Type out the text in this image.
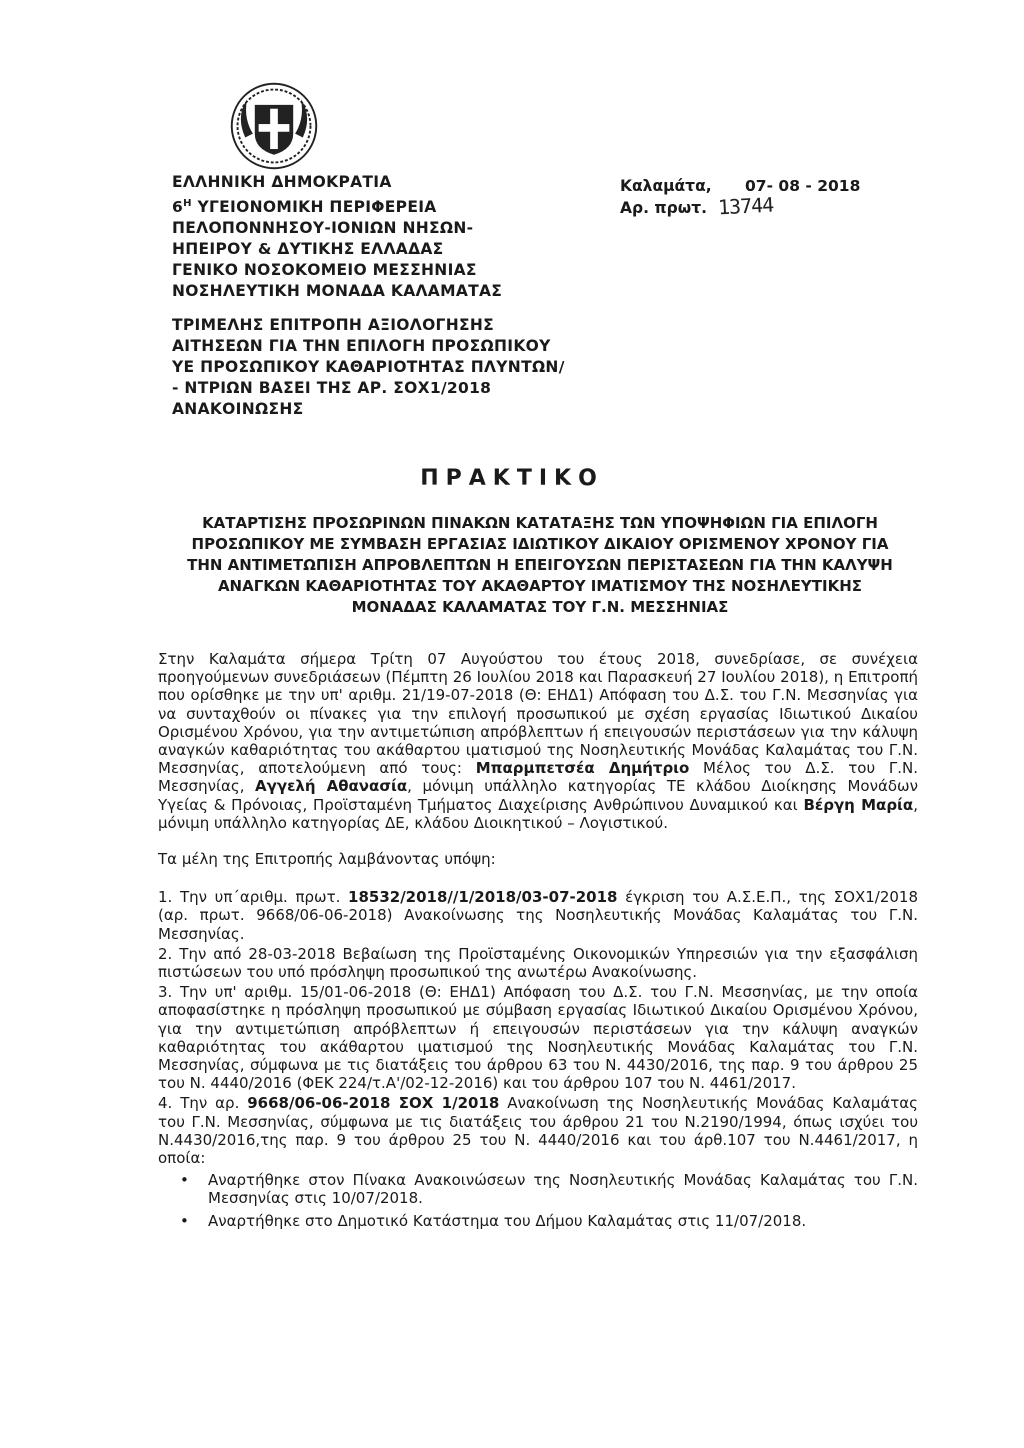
ΕΛΛΗΝΙΚΗ ΔΗΜΟΚΡΑΤΙΑ
$6^H$ ΥΓΕΙΟΝΟΜΙΚΗ ΠΕΡΙΦΕΡΕΙΑ
ΠΕΛΟΠΟΝΝΗΣΟΥ-ΙΟΝΙΩΝ ΝΗΣΩΝ-
ΗΠΕΙΡΟΥ & ΔΥΤΙΚΗΣ ΕΛΛΑΔΑΣ
ΓΕΝΙΚΟ ΝΟΣΟΚΟΜΕΙΟ ΜΕΣΣΗΝΙΑΣ
ΝΟΣΗΛΕΥΤΙΚΗ ΜΟΝΑΔΑ ΚΑΛΑΜΑΤΑΣ
Καλαμάτα, 07- 08 - 2018
Αρ. πρωτ. 13744
ΤΡΙΜΕΛΗΣ ΕΠΙΤΡΟΠΗ ΑΞΙΟΛΟΓΗΣΗΣ
ΑΙΤΗΣΕΩΝ ΓΙΑ ΤΗΝ ΕΠΙΛΟΓΗ ΠΡΟΣΩΠΙΚΟΥ
ΥΕ ΠΡΟΣΩΠΙΚΟΥ ΚΑΘΑΡΙΟΤΗΤΑΣ ΠΛΥΝΤΩΝ/
- ΝΤΡΙΩΝ ΒΑΣΕΙ ΤΗΣ ΑΡ. ΣΟΧ1/2018
ΑΝΑΚΟΙΝΩΣΗΣ
ΠΡΑΚΤΙΚΟ
ΚΑΤΑΡΤΙΣΗΣ ΠΡΟΣΩΡΙΝΩΝ ΠΙΝΑΚΩΝ ΚΑΤΑΤΑΞΗΣ ΤΩΝ ΥΠΟΨΗΦΙΩΝ ΓΙΑ ΕΠΙΛΟΓΗ
ΠΡΟΣΩΠΙΚΟΥ ΜΕ ΣΥΜΒΑΣΗ ΕΡΓΑΣΙΑΣ ΙΔΙΩΤΙΚΟΥ ΔΙΚΑΙΟΥ ΟΡΙΣΜΕΝΟΥ ΧΡΟΝΟΥ ΓΙΑ
ΤΗΝ ΑΝΤΙΜΕΤΩΠΙΣΗ ΑΠΡΟΒΛΕΠΤΩΝ Η ΕΠΕΙΓΟΥΣΩΝ ΠΕΡΙΣΤΑΣΕΩΝ ΓΙΑ ΤΗΝ ΚΑΛΥΨΗ
ΑΝΑΓΚΩΝ ΚΑΘΑΡΙΟΤΗΤΑΣ ΤΟΥ ΑΚΑΘΑΡΤΟΥ ΙΜΑΤΙΣΜΟΥ ΤΗΣ ΝΟΣΗΛΕΥΤΙΚΗΣ
ΜΟΝΑΔΑΣ ΚΑΛΑΜΑΤΑΣ ΤΟΥ Γ.Ν. ΜΕΣΣΗΝΙΑΣ

Στην Καλαμάτα σήμερα Τρίτη 07 Αυγούστου του έτους 2018, συνεδρίασε, σε συνέχεια προηγούμενων συνεδριάσεων (Πέμπτη 26 Ιουλίου 2018 και Παρασκευή 27 Ιουλίου 2018), η Επιτροπή που ορίσθηκε με την υπ' αριθμ. 21/19-07-2018 (Θ: ΕΗΔ1) Απόφαση του Δ.Σ. του Γ.Ν. Μεσσηνίας για να συνταχθούν οι πίνακες για την επιλογή προσωπικού με σχέση εργασίας Ιδιωτικού Δικαίου Ορισμένου Χρόνου, για την αντιμετώπιση απρόβλεπτων ή επειγουσών περιστάσεων για την κάλυψη αναγκών καθαριότητας του ακάθαρτου ιματισμού της Νοσηλευτικής Μονάδας Καλαμάτας του Γ.Ν. Μεσσηνίας, αποτελούμενη από τους: Μπαρμπετσέα Δημήτριο Μέλος του Δ.Σ. του Γ.Ν. Μεσσηνίας, Αγγελή Αθανασία, μόνιμη υπάλληλο κατηγορίας ΤΕ κλάδου Διοίκησης Μονάδων Υγείας & Πρόνοιας, Προϊσταμένη Τμήματος Διαχείρισης Ανθρώπινου Δυναμικού και Βέργη Μαρία, μόνιμη υπάλληλο κατηγορίας ΔΕ, κλάδου Διοικητικού – Λογιστικού.

Τα μέλη της Επιτροπής λαμβάνοντας υπόψη:

1. Την υπ΄αριθμ. πρωτ. 18532/2018//1/2018/03-07-2018 έγκριση του Α.Σ.Ε.Π., της ΣΟΧ1/2018 (αρ. πρωτ. 9668/06-06-2018) Ανακοίνωσης της Νοσηλευτικής Μονάδας Καλαμάτας του Γ.Ν. Μεσσηνίας.

2. Την από 28-03-2018 Βεβαίωση της Προϊσταμένης Οικονομικών Υπηρεσιών για την εξασφάλιση πιστώσεων του υπό πρόσληψη προσωπικού της ανωτέρω Ανακοίνωσης.

3. Την υπ' αριθμ. 15/01-06-2018 (Θ: ΕΗΔ1) Απόφαση του Δ.Σ. του Γ.Ν. Μεσσηνίας, με την οποία αποφασίστηκε η πρόσληψη προσωπικού με σύμβαση εργασίας Ιδιωτικού Δικαίου Ορισμένου Χρόνου, για την αντιμετώπιση απρόβλεπτων ή επειγουσών περιστάσεων για την κάλυψη αναγκών καθαριότητας του ακάθαρτου ιματισμού της Νοσηλευτικής Μονάδας Καλαμάτας του Γ.Ν. Μεσσηνίας, σύμφωνα με τις διατάξεις του άρθρου 63 του Ν. 4430/2016, της παρ. 9 του άρθρου 25 του Ν. 4440/2016 (ΦΕΚ 224/τ.Α'/02-12-2016) και του άρθρου 107 του Ν. 4461/2017.

4. Την αρ. 9668/06-06-2018 ΣΟΧ 1/2018 Ανακοίνωση της Νοσηλευτικής Μονάδας Καλαμάτας του Γ.Ν. Μεσσηνίας, σύμφωνα με τις διατάξεις του άρθρου 21 του Ν.2190/1994, όπως ισχύει του Ν.4430/2016,της παρ. 9 του άρθρου 25 του Ν. 4440/2016 και του άρθ.107 του Ν.4461/2017, η οποία:

• Αναρτήθηκε στον Πίνακα Ανακοινώσεων της Νοσηλευτικής Μονάδας Καλαμάτας του Γ.Ν. Μεσσηνίας στις 10/07/2018.
• Αναρτήθηκε στο Δημοτικό Κατάστημα του Δήμου Καλαμάτας στις 11/07/2018.
